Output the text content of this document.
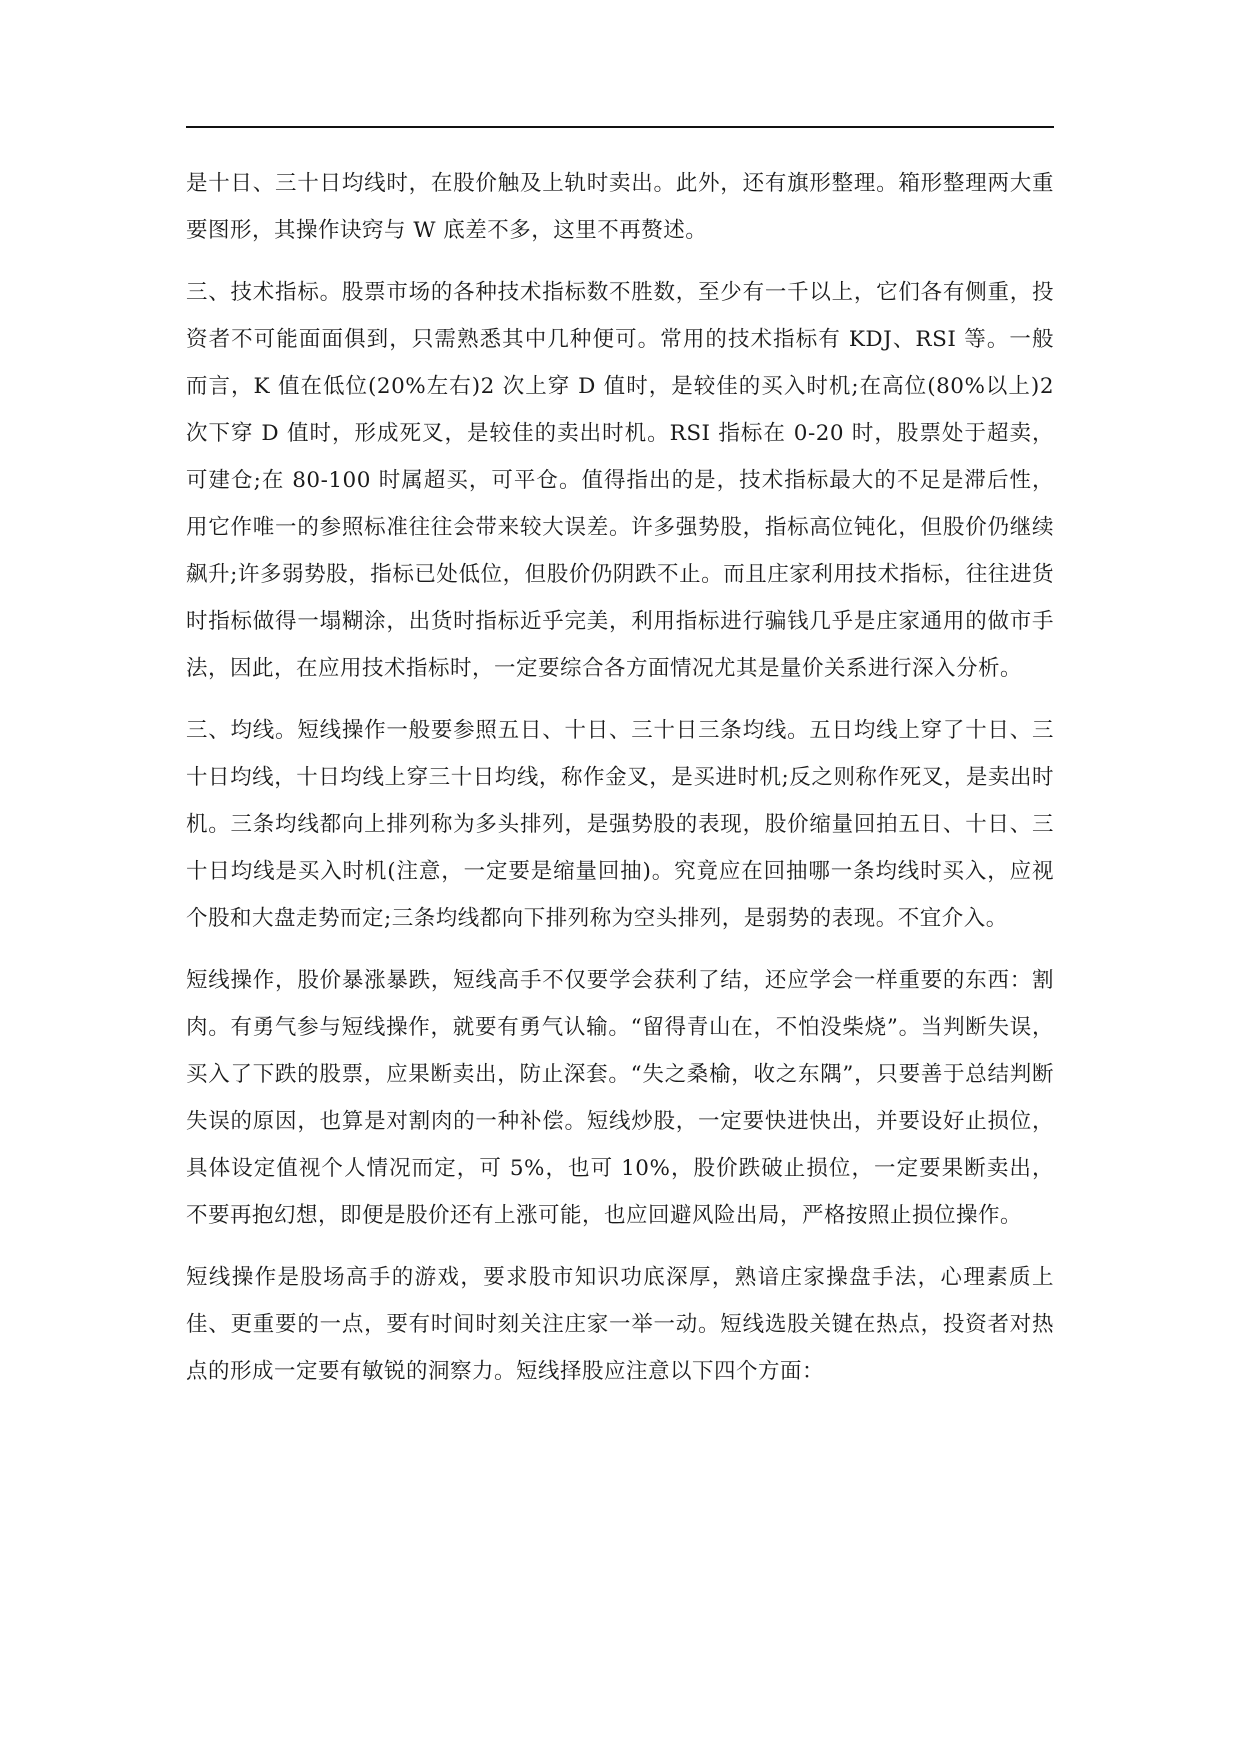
是十日、三十日均线时，在股价触及上轨时卖出。此外，还有旗形整理。箱形整理两大重要图形，其操作诀窍与 W 底差不多，这里不再赘述。

三、技术指标。股票市场的各种技术指标数不胜数，至少有一千以上，它们各有侧重，投资者不可能面面俱到，只需熟悉其中几种便可。常用的技术指标有 KDJ、RSI 等。一般而言，K 值在低位(20%左右)2 次上穿 D 值时，是较佳的买入时机;在高位(80%以上)2 次下穿 D 值时，形成死叉，是较佳的卖出时机。RSI 指标在 0-20 时，股票处于超卖，可建仓;在 80-100 时属超买，可平仓。值得指出的是，技术指标最大的不足是滞后性，用它作唯一的参照标准往往会带来较大误差。许多强势股，指标高位钝化，但股价仍继续飙升;许多弱势股，指标已处低位，但股价仍阴跌不止。而且庄家利用技术指标，往往进货时指标做得一塌糊涂，出货时指标近乎完美，利用指标进行骗钱几乎是庄家通用的做市手法，因此，在应用技术指标时，一定要综合各方面情况尤其是量价关系进行深入分析。

三、均线。短线操作一般要参照五日、十日、三十日三条均线。五日均线上穿了十日、三十日均线，十日均线上穿三十日均线，称作金叉，是买进时机;反之则称作死叉，是卖出时机。三条均线都向上排列称为多头排列，是强势股的表现，股价缩量回拍五日、十日、三十日均线是买入时机(注意，一定要是缩量回抽)。究竟应在回抽哪一条均线时买入，应视个股和大盘走势而定;三条均线都向下排列称为空头排列，是弱势的表现。不宜介入。

短线操作，股价暴涨暴跌，短线高手不仅要学会获利了结，还应学会一样重要的东西：割肉。有勇气参与短线操作，就要有勇气认输。“留得青山在，不怕没柴烧”。当判断失误，买入了下跌的股票，应果断卖出，防止深套。“失之桑榆，收之东隅”，只要善于总结判断失误的原因，也算是对割肉的一种补偿。短线炒股，一定要快进快出，并要设好止损位，具体设定值视个人情况而定，可 5%，也可 10%，股价跌破止损位，一定要果断卖出，不要再抱幻想，即便是股价还有上涨可能，也应回避风险出局，严格按照止损位操作。

短线操作是股场高手的游戏，要求股市知识功底深厚，熟谙庄家操盘手法，心理素质上佳、更重要的一点，要有时间时刻关注庄家一举一动。短线选股关键在热点，投资者对热点的形成一定要有敏锐的洞察力。短线择股应注意以下四个方面：
